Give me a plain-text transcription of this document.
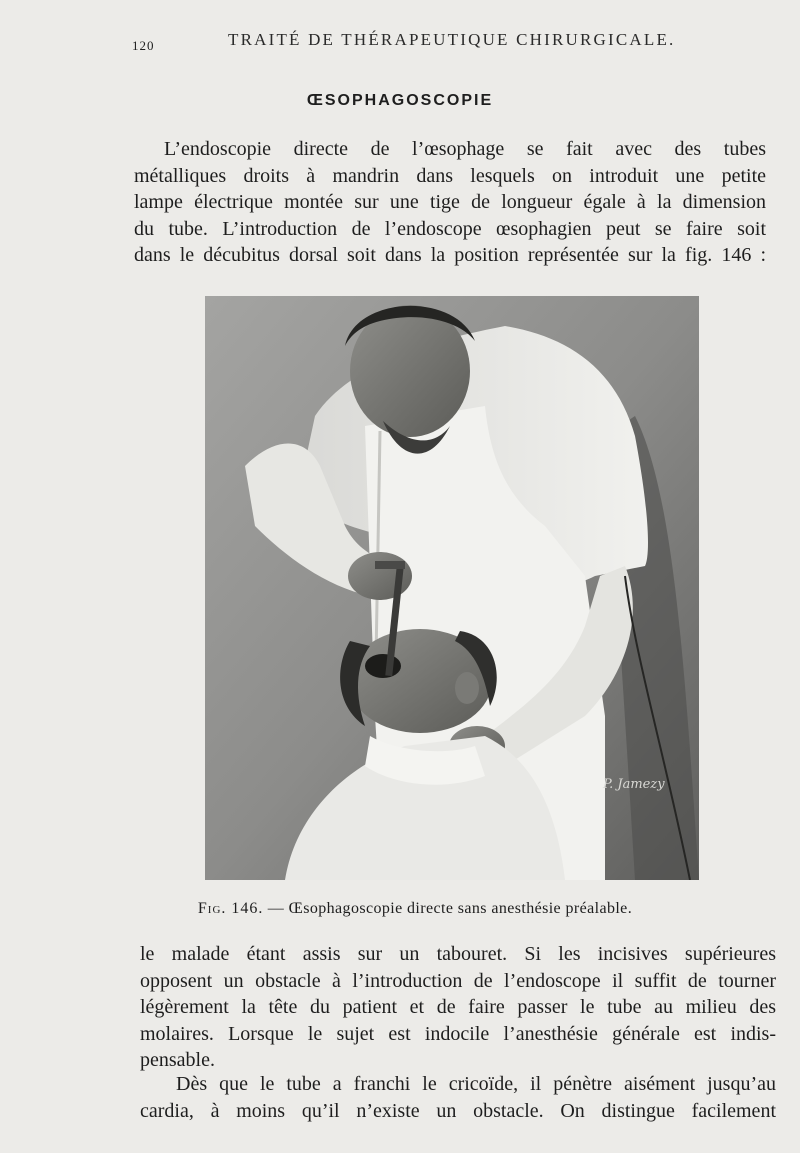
120	TRAITÉ DE THÉRAPEUTIQUE CHIRURGICALE.
ŒSOPHAGOSCOPIE

L’endoscopie directe de l’œsophage se fait avec des tubes
métalliques droits à mandrin dans lesquels on introduit une petite
lampe électrique montée sur une tige de longueur égale à la dimension
du tube. L’introduction de l’endoscope œsophagien peut se faire soit
dans le décubitus dorsal soit dans la position représentée sur la fig. 146 :

P. Jamezy
Fig. 146. — Œsophagoscopie directe sans anesthésie préalable.

le malade étant assis sur un tabouret. Si les incisives supérieures
opposent un obstacle à l’introduction de l’endoscope il suffit de tourner
légèrement la tête du patient et de faire passer le tube au milieu des
molaires. Lorsque le sujet est indocile l’anesthésie générale est indis-
pensable.

Dès que le tube a franchi le cricoïde, il pénètre aisément jusqu’au
cardia, à moins qu’il n’existe un obstacle. On distingue facilement
